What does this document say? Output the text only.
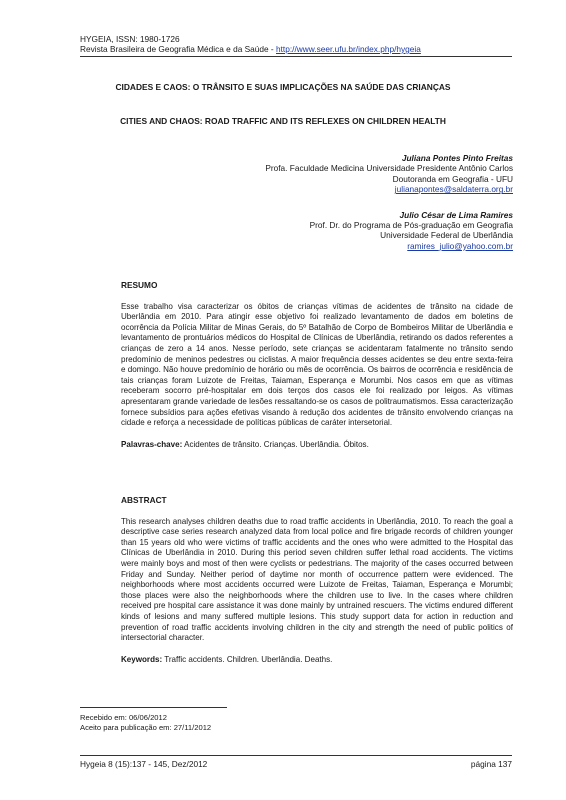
HYGEIA, ISSN: 1980-1726
Revista Brasileira de Geografia Médica e da Saúde - http://www.seer.ufu.br/index.php/hygeia
CIDADES E CAOS: O TRÂNSITO E SUAS IMPLICAÇÕES NA SAÚDE DAS CRIANÇAS
CITIES AND CHAOS: ROAD TRAFFIC AND ITS REFLEXES ON CHILDREN HEALTH
Juliana Pontes Pinto Freitas
Profa. Faculdade Medicina Universidade Presidente Antônio Carlos
Doutoranda em Geografia - UFU
julianapontes@saldaterra.org.br
Julio César de Lima Ramires
Prof. Dr. do Programa de Pós-graduação em Geografia
Universidade Federal de Uberlândia
ramires_julio@yahoo.com.br
RESUMO

Esse trabalho visa caracterizar os óbitos de crianças vítimas de acidentes de trânsito na cidade de Uberlândia em 2010. Para atingir esse objetivo foi realizado levantamento de dados em boletins de ocorrência da Polícia Militar de Minas Gerais, do 5º Batalhão de Corpo de Bombeiros Militar de Uberlândia e levantamento de prontuários médicos do Hospital de Clínicas de Uberlândia, retirando os dados referentes a crianças de zero a 14 anos. Nesse período, sete crianças se acidentaram fatalmente no trânsito sendo predomínio de meninos pedestres ou ciclistas. A maior frequência desses acidentes se deu entre sexta-feira e domingo. Não houve predomínio de horário ou mês de ocorrência. Os bairros de ocorrência e residência de tais crianças foram Luizote de Freitas, Taiaman, Esperança e Morumbi. Nos casos em que as vítimas receberam socorro pré-hospitalar em dois terços dos casos ele foi realizado por leigos. As vítimas apresentaram grande variedade de lesões ressaltando-se os casos de politraumatismos. Essa caracterização fornece subsídios para ações efetivas visando à redução dos acidentes de trânsito envolvendo crianças na cidade e reforça a necessidade de políticas públicas de caráter intersetorial.

Palavras-chave: Acidentes de trânsito. Crianças. Uberlândia. Óbitos.
ABSTRACT

This research analyses children deaths due to road traffic accidents in Uberlândia, 2010. To reach the goal a descriptive case series research analyzed data from local police and fire brigade records of children younger than 15 years old who were victims of traffic accidents and the ones who were admitted to the Hospital das Clínicas de Uberlândia in 2010. During this period seven children suffer lethal road accidents. The victims were mainly boys and most of then were cyclists or pedestrians. The majority of the cases occurred between Friday and Sunday. Neither period of daytime nor month of occurrence pattern were evidenced. The neighborhoods where most accidents occurred were Luizote de Freitas, Taiaman, Esperança e Morumbi; those places were also the neighborhoods where the children use to live. In the cases where children received pre hospital care assistance it was done mainly by untrained rescuers. The victims endured different kinds of lesions and many suffered multiple lesions. This study support data for action in reduction and prevention of road traffic accidents involving children in the city and strength the need of public politics of intersectorial character.

Keywords: Traffic accidents. Children. Uberlândia. Deaths.
Recebido em: 06/06/2012
Aceito para publicação em: 27/11/2012
Hygeia 8 (15):137 - 145, Dez/2012	página 137
